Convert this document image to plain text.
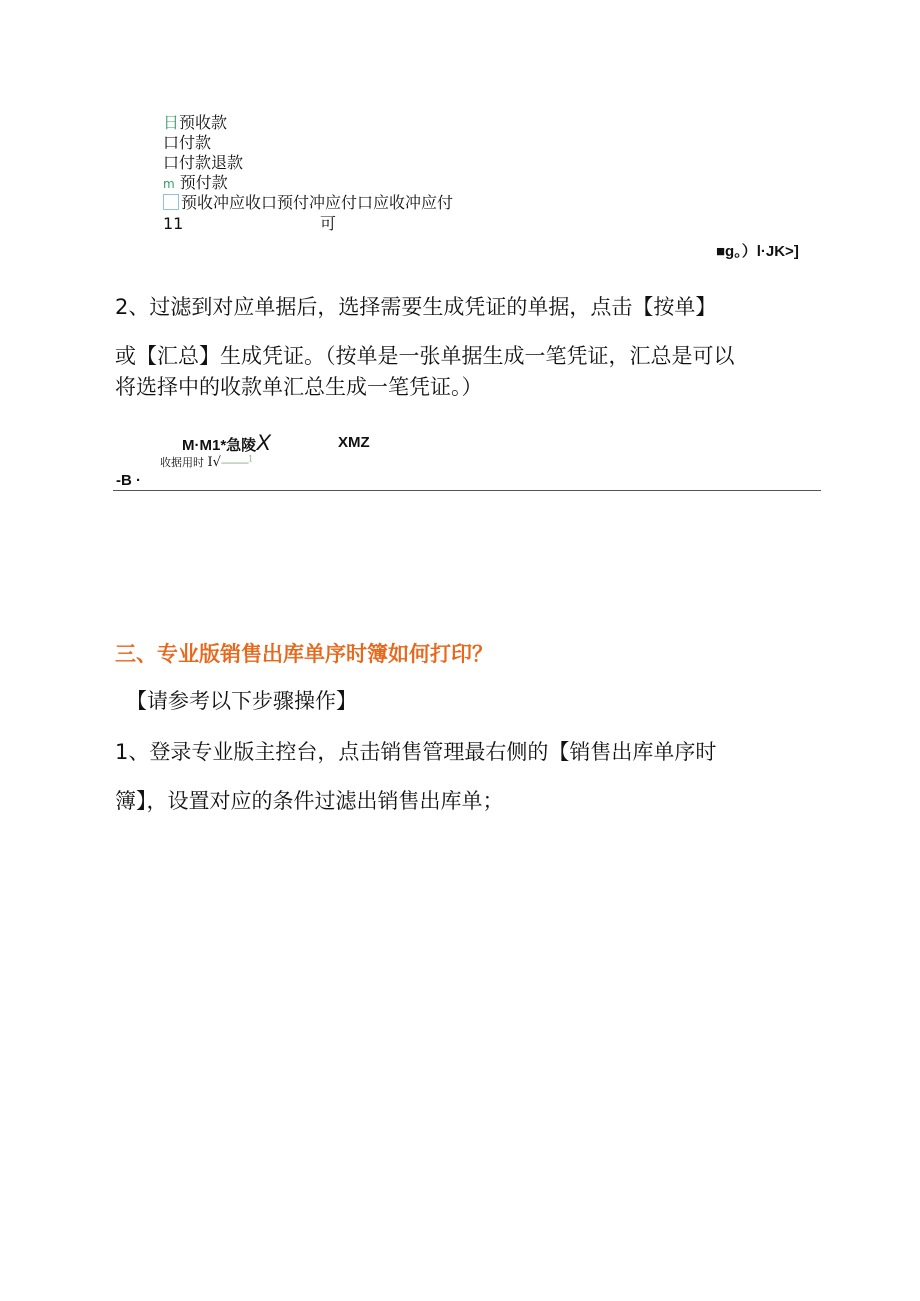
日预收款
口付款
口付款退款
m 预付款
预收冲应收口预付冲应付口应收冲应付
11	可
■g。）l·JK>]
2、过滤到对应单据后，选择需要生成凭证的单据，点击【按单】
或【汇总】生成凭证。（按单是一张单据生成一笔凭证，汇总是可以
将选择中的收款单汇总生成一笔凭证。）
M·M1*急陵X	XMZ
收据用时 I√----------$^1$
-B ·
三、专业版销售出库单序时簿如何打印？
【请参考以下步骤操作】
1、登录专业版主控台，点击销售管理最右侧的【销售出库单序时
簿】，设置对应的条件过滤出销售出库单；
